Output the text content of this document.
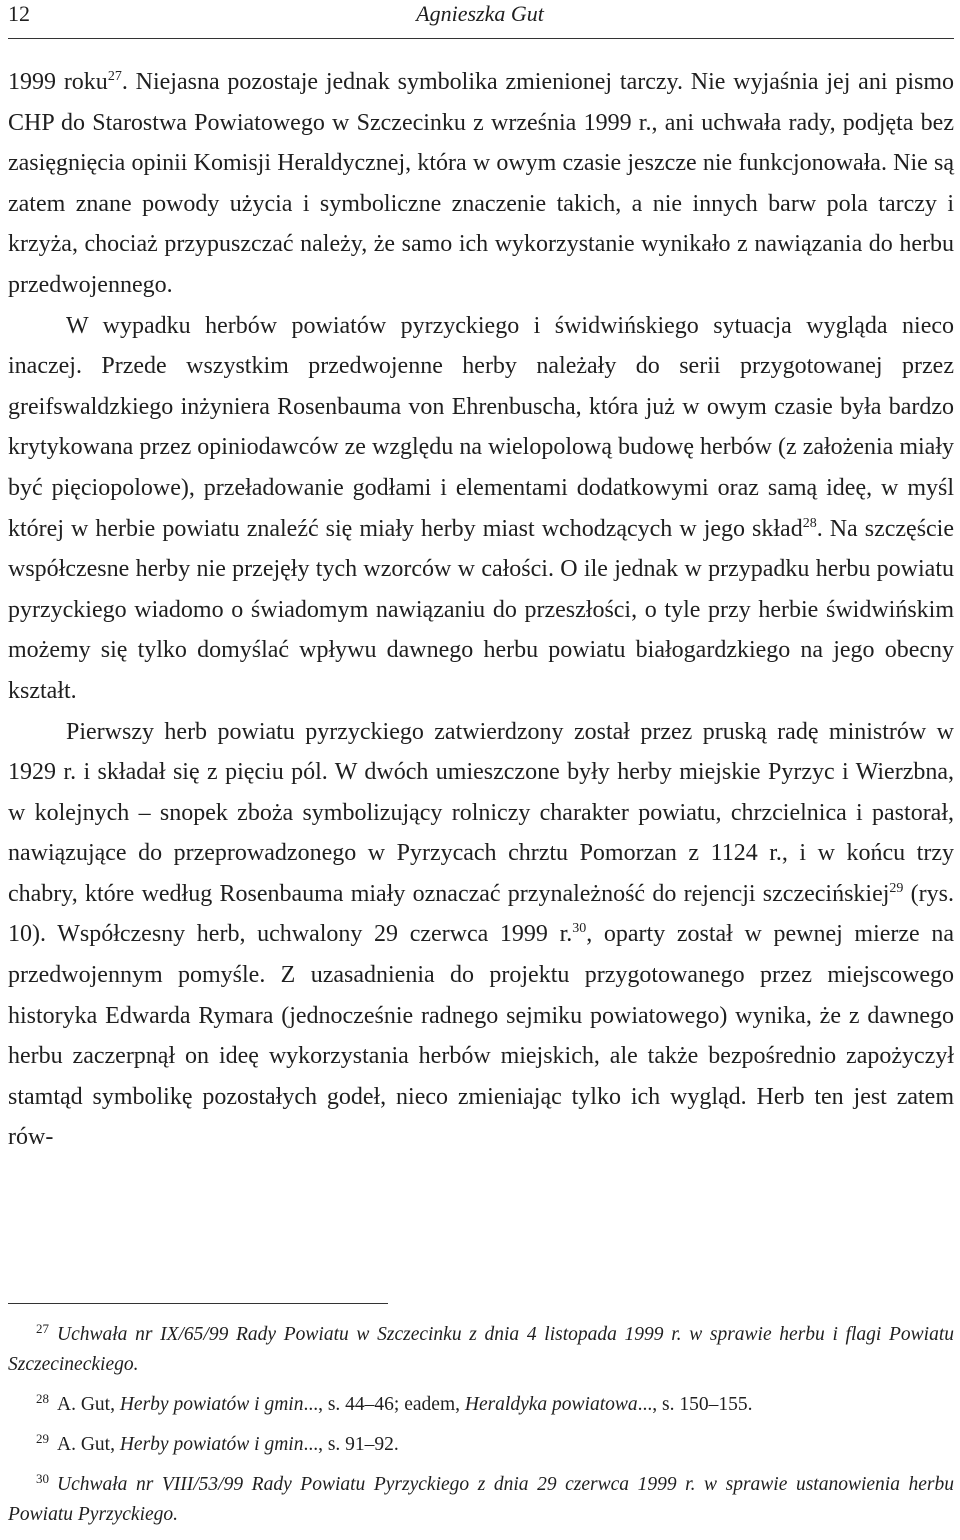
12	Agnieszka Gut

1999 roku$^{27}$. Niejasna pozostaje jednak symbolika zmienionej tarczy. Nie wyjaśnia jej ani pismo CHP do Starostwa Powiatowego w Szczecinku z września 1999 r., ani uchwała rady, podjęta bez zasięgnięcia opinii Komisji Heraldycznej, która w owym czasie jeszcze nie funkcjonowała. Nie są zatem znane powody użycia i symboliczne znaczenie takich, a nie innych barw pola tarczy i krzyża, chociaż przypuszczać należy, że samo ich wykorzystanie wynikało z nawiązania do herbu przedwojennego.

W wypadku herbów powiatów pyrzyckiego i świdwińskiego sytuacja wygląda nieco inaczej. Przede wszystkim przedwojenne herby należały do serii przygotowanej przez greifswaldzkiego inżyniera Rosenbauma von Ehrenbuscha, która już w owym czasie była bardzo krytykowana przez opiniodawców ze względu na wielopolową budowę herbów (z założenia miały być pięciopolowe), przeładowanie godłami i elementami dodatkowymi oraz samą ideę, w myśl której w herbie powiatu znaleźć się miały herby miast wchodzących w jego skład$^{28}$. Na szczęście współczesne herby nie przejęły tych wzorców w całości. O ile jednak w przypadku herbu powiatu pyrzyckiego wiadomo o świadomym nawiązaniu do przeszłości, o tyle przy herbie świdwińskim możemy się tylko domyślać wpływu dawnego herbu powiatu białogardzkiego na jego obecny kształt.

Pierwszy herb powiatu pyrzyckiego zatwierdzony został przez pruską radę ministrów w 1929 r. i składał się z pięciu pól. W dwóch umieszczone były herby miejskie Pyrzyc i Wierzbna, w kolejnych – snopek zboża symbolizujący rolniczy charakter powiatu, chrzcielnica i pastorał, nawiązujące do przeprowadzonego w Pyrzycach chrztu Pomorzan z 1124 r., i w końcu trzy chabry, które według Rosenbauma miały oznaczać przynależność do rejencji szczecińskiej$^{29}$ (rys. 10). Współczesny herb, uchwalony 29 czerwca 1999 r.$^{30}$, oparty został w pewnej mierze na przedwojennym pomyśle. Z uzasadnienia do projektu przygotowanego przez miejscowego historyka Edwarda Rymara (jednocześnie radnego sejmiku powiatowego) wynika, że z dawnego herbu zaczerpnął on ideę wykorzystania herbów miejskich, ale także bezpośrednio zapożyczył stamtąd symbolikę pozostałych godeł, nieco zmieniając tylko ich wygląd. Herb ten jest zatem rów-

$^{27}$ Uchwała nr IX/65/99 Rady Powiatu w Szczecinku z dnia 4 listopada 1999 r. w sprawie herbu i flagi Powiatu Szczecineckiego.

$^{28}$ A. Gut, Herby powiatów i gmin..., s. 44–46; eadem, Heraldyka powiatowa..., s. 150–155.

$^{29}$ A. Gut, Herby powiatów i gmin..., s. 91–92.

$^{30}$ Uchwała nr VIII/53/99 Rady Powiatu Pyrzyckiego z dnia 29 czerwca 1999 r. w sprawie ustanowienia herbu Powiatu Pyrzyckiego.
